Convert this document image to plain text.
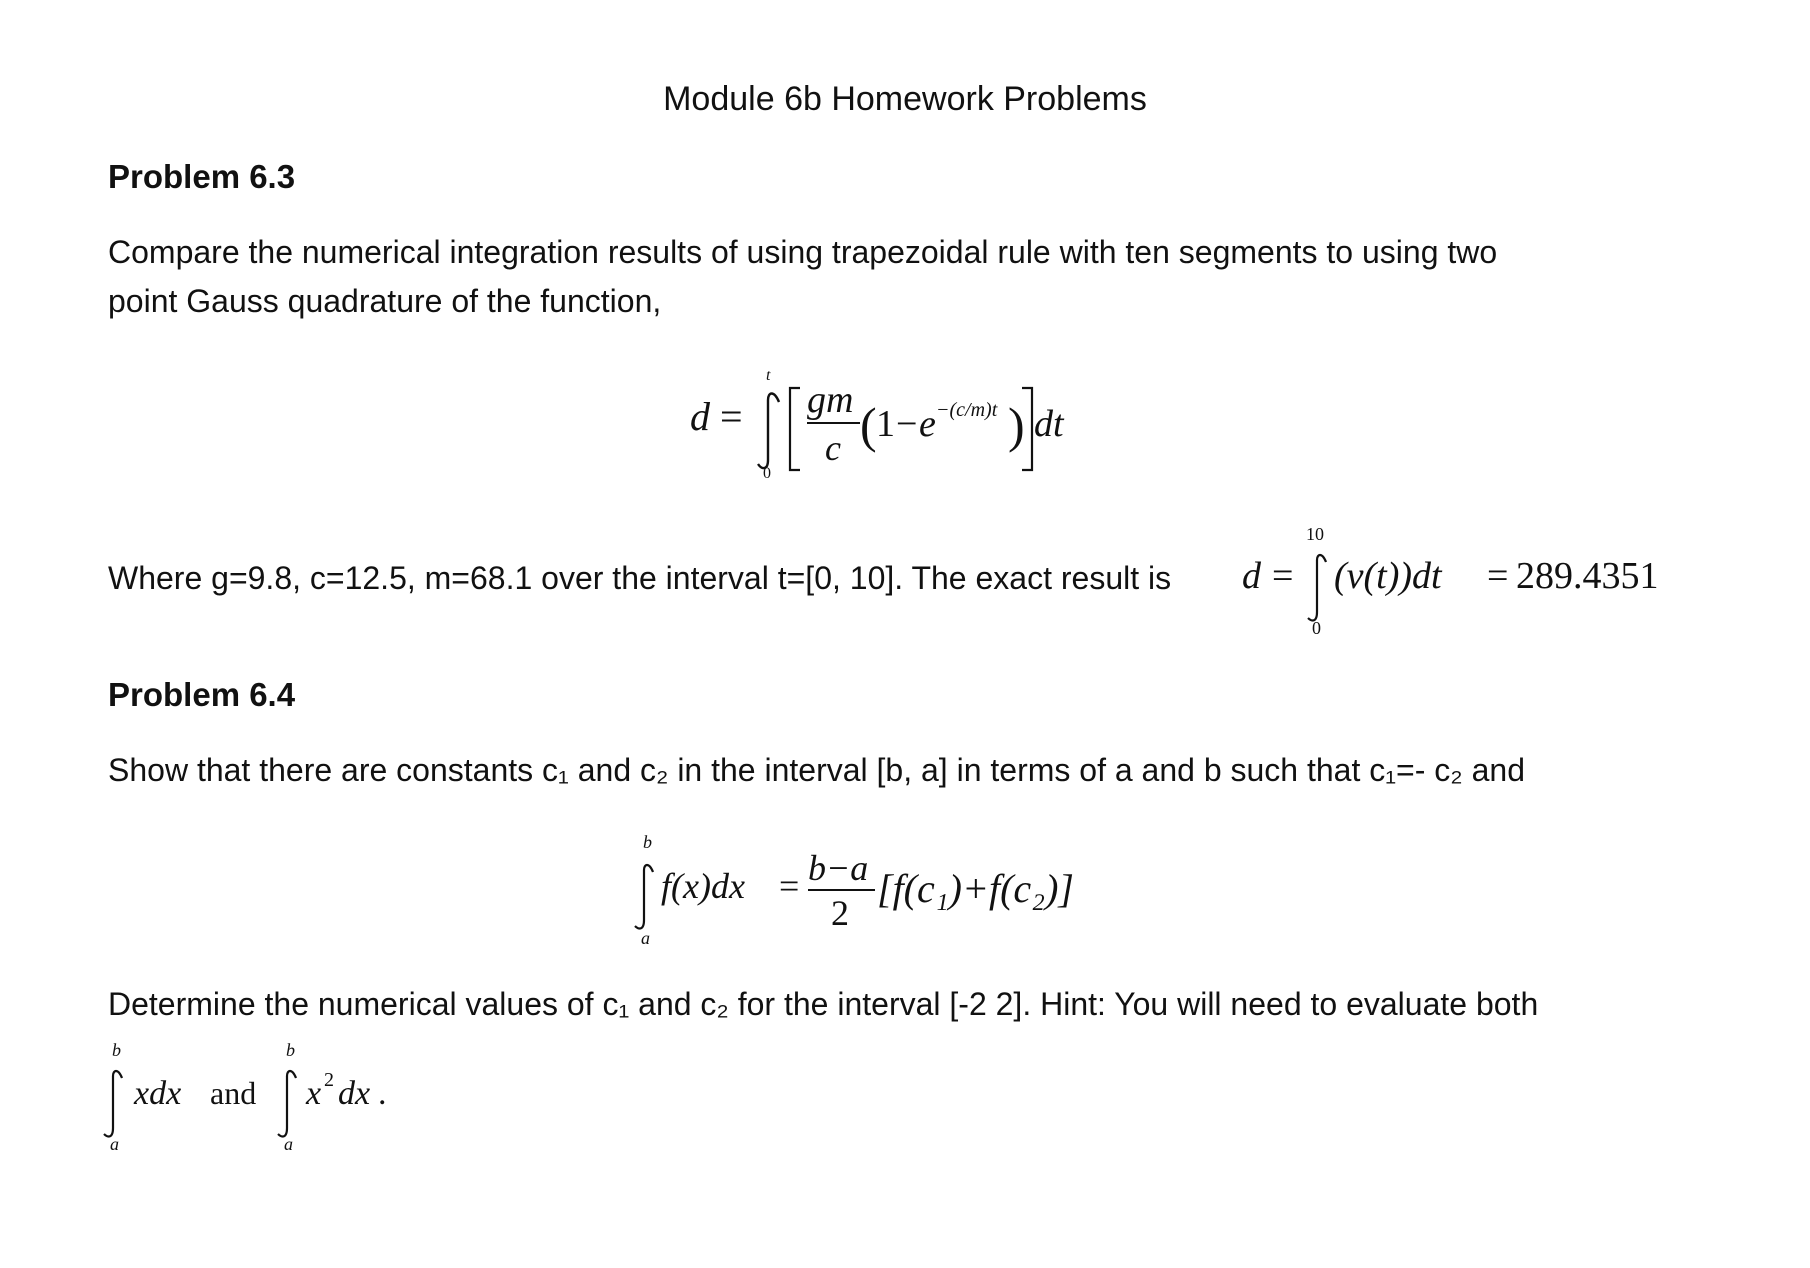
Module 6b Homework Problems
Problem 6.3
Compare the numerical integration results of using trapezoidal rule with ten segments to using two
point Gauss quadrature of the function,
d =
t
0
gm
c ( 1 − e −(c/m)t ) dt
Where g=9.8, c=12.5, m=68.1 over the interval t=[0, 10]. The exact result is d =
10
0
(v(t))dt = 289.4351
Problem 6.4
Show that there are constants c₁ and c₂ in the interval [b, a] in terms of a and b such that c₁=- c₂ and
b
a
f(x)dx = b−a
2
[f(c₁)+f(c₂)]
Determine the numerical values of c₁ and c₂ for the interval [-2 2]. Hint: You will need to evaluate both
b
a
xdx and
b
a
x 2 dx .
